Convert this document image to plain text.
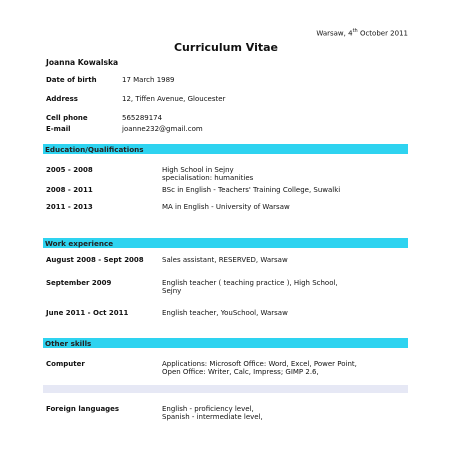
Warsaw, 4th October 2011
Curriculum Vitae
Joanna Kowalska
Date of birth	17 March 1989
Address	12, Tiffen Avenue, Gloucester
Cell phone	565289174
E-mail	joanne232@gmail.com
Education/Qualifications
2005 - 2008	High School in Sejny
specialisation: humanities
2008 - 2011	BSc in English - Teachers' Training College, Suwalki
2011 - 2013	MA in English - University of Warsaw
Work experience
August 2008 - Sept 2008	Sales assistant, RESERVED, Warsaw
September 2009	English teacher ( teaching practice ), High School,
Sejny
June 2011 - Oct 2011	English teacher, YouSchool, Warsaw
Other skills
Computer	Applications: Microsoft Office: Word, Excel, Power Point,
Open Office: Writer, Calc, Impress; GIMP 2.6,
Foreign languages	English - proficiency level,
Spanish - intermediate level,
